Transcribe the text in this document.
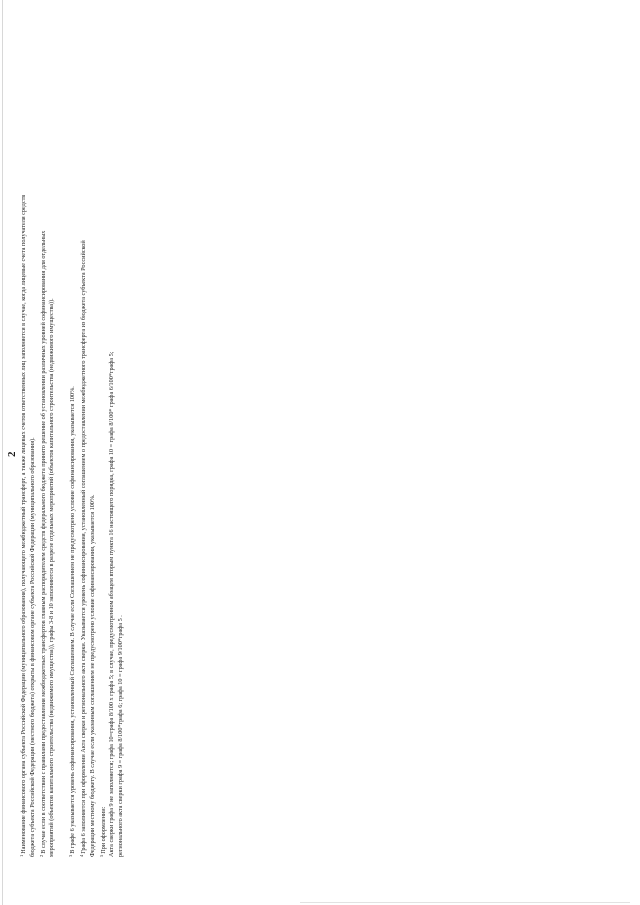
2
$^1$Наименование финансового органа субъекта Российской Федерации (муниципального образования), получающего межбюджетный трансферт, а также лицевых счетов ответственных лиц заполняется в случае, когда лицевые счета получателя средств бюджета субъекта Российской Федерации (местного бюджета) открыты в финансовом органе субъекта Российской Федерации (муниципального образования). $^2$В случае если в соответствии с правилами предоставления межбюджетных трансфертов главным распорядителем средств федерального бюджета принято решение об установлении различных уровней софинансирования для отдельных мероприятий (объектов капитального строительства (недвижимого имущества)), графы 3-8 и 10 заполняются в разрезе отдельных мероприятий (объектов капитального строительства (недвижимого имущества)).	$^3$В графе 6 указывается уровень софинансирования, установленный Соглашением. В случае если Соглашением не предусмотрено условие софинансирования, указывается 100%.
$^4$Графа 6 заполняется при оформлении Акта сверки и регионального акта сверки. Указывается уровень софинансирования, установленный соглашением о предоставлении межбюджетного трансферта из бюджета субъекта Российской Федерации местному бюджету. В случае если указанным соглашением не предусмотрено условие софинансирования, указывается 100%. $^5$При оформлении: Акта сверки графа 9 не заполняется; графа 10=графа 8/100 х графа 5; в случае, предусмотренном абзацем вторым пункта 16 настоящего порядка, графа 10 = графа 8/100* графа 6/100*графа 5; регионального акта сверки графа 9 = графа 8/100*графа 6; графа 10 = графа 9/100*графа 5 .
